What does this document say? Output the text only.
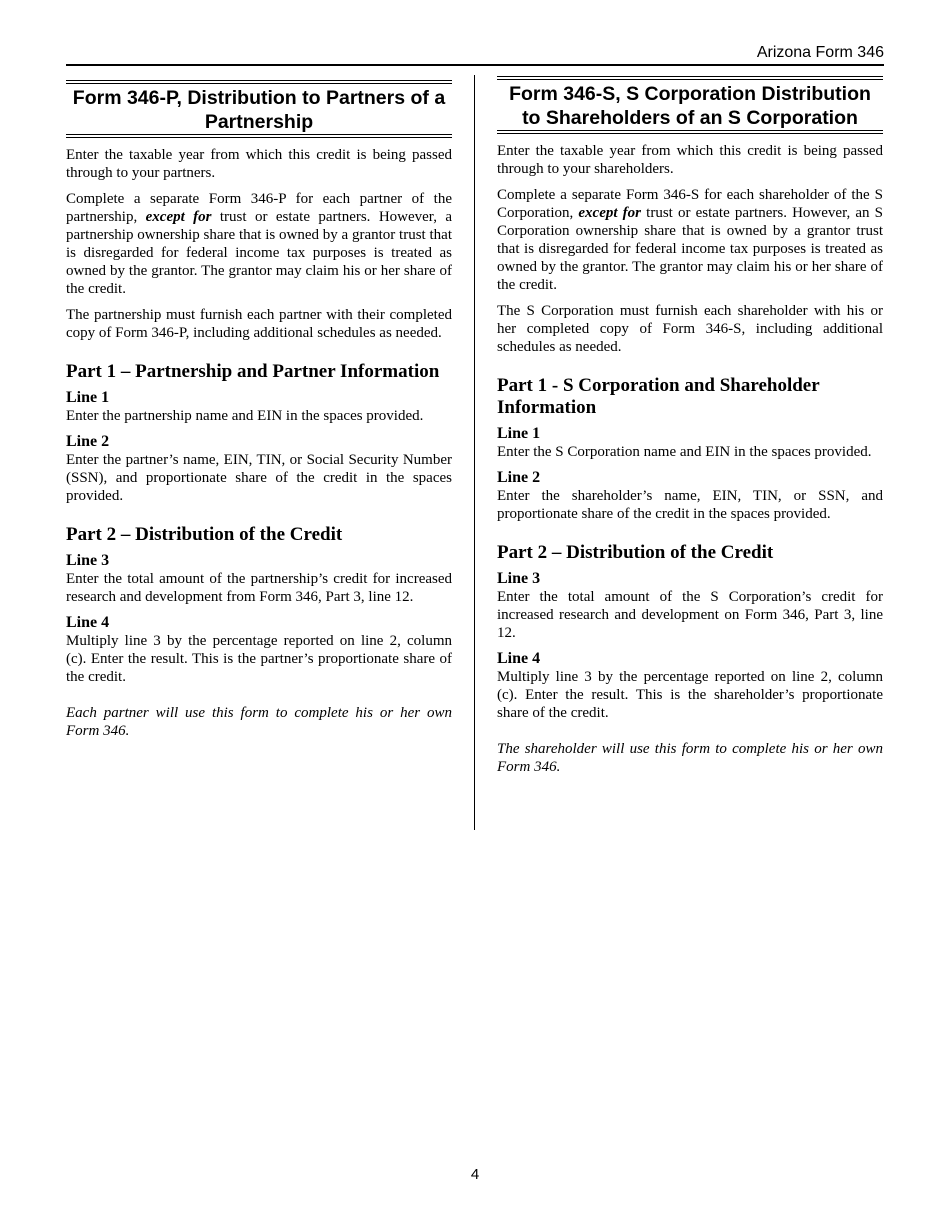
Arizona Form 346
Form 346-P, Distribution to Partners of a Partnership

Enter the taxable year from which this credit is being passed through to your partners.

Complete a separate Form 346-P for each partner of the partnership, except for trust or estate partners. However, a partnership ownership share that is owned by a grantor trust that is disregarded for federal income tax purposes is treated as owned by the grantor. The grantor may claim his or her share of the credit.

The partnership must furnish each partner with their completed copy of Form 346-P, including additional schedules as needed.

Part 1 – Partnership and Partner Information
Line 1

Enter the partnership name and EIN in the spaces provided.

Line 2

Enter the partner’s name, EIN, TIN, or Social Security Number (SSN), and proportionate share of the credit in the spaces provided.

Part 2 – Distribution of the Credit
Line 3

Enter the total amount of the partnership’s credit for increased research and development from Form 346, Part 3, line 12.

Line 4

Multiply line 3 by the percentage reported on line 2, column (c). Enter the result. This is the partner’s proportionate share of the credit.

Each partner will use this form to complete his or her own Form 346.

Form 346-S, S Corporation Distribution to Shareholders of an S Corporation

Enter the taxable year from which this credit is being passed through to your shareholders.

Complete a separate Form 346-S for each shareholder of the S Corporation, except for trust or estate partners. However, an S Corporation ownership share that is owned by a grantor trust that is disregarded for federal income tax purposes is treated as owned by the grantor. The grantor may claim his or her share of the credit.

The S Corporation must furnish each shareholder with his or her completed copy of Form 346-S, including additional schedules as needed.

Part 1 - S Corporation and Shareholder Information
Line 1

Enter the S Corporation name and EIN in the spaces provided.

Line 2

Enter the shareholder’s name, EIN, TIN, or SSN, and proportionate share of the credit in the spaces provided.

Part 2 – Distribution of the Credit
Line 3

Enter the total amount of the S Corporation’s credit for increased research and development on Form 346, Part 3, line 12.

Line 4

Multiply line 3 by the percentage reported on line 2, column (c). Enter the result. This is the shareholder’s proportionate share of the credit.

The shareholder will use this form to complete his or her own Form 346.

4
